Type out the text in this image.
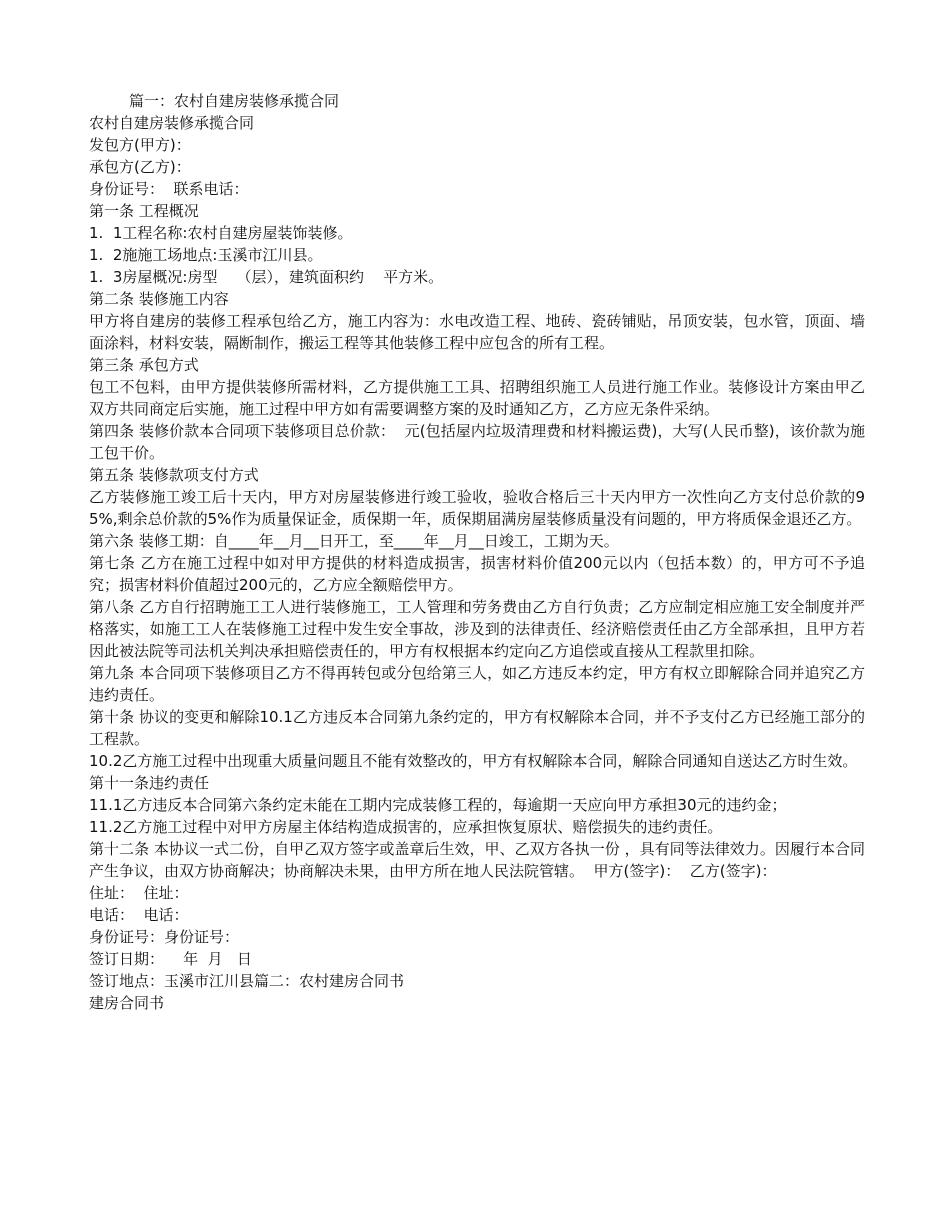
篇一：农村自建房装修承揽合同

农村自建房装修承揽合同

发包方(甲方)：

承包方(乙方)：

身份证号：  联系电话：

第一条 工程概况

1.  1工程名称:农村自建房屋装饰装修。

1.  2施施工场地点:玉溪市江川县。

1.  3房屋概况:房型    （层），建筑面积约    平方米。

第二条 装修施工内容

甲方将自建房的装修工程承包给乙方，施工内容为：水电改造工程、地砖、瓷砖铺贴，吊顶安装，包水管，顶面、墙面涂料，材料安装，隔断制作，搬运工程等其他装修工程中应包含的所有工程。

第三条 承包方式

包工不包料，由甲方提供装修所需材料，乙方提供施工工具、招聘组织施工人员进行施工作业。装修设计方案由甲乙双方共同商定后实施，施工过程中甲方如有需要调整方案的及时通知乙方，乙方应无条件采纳。

第四条 装修价款本合同项下装修项目总价款：  元(包括屋内垃圾清理费和材料搬运费)，大写(人民币整)，该价款为施工包干价。

第五条 装修款项支付方式

乙方装修施工竣工后十天内，甲方对房屋装修进行竣工验收，验收合格后三十天内甲方一次性向乙方支付总价款的95%,剩余总价款的5%作为质量保证金，质保期一年，质保期届满房屋装修质量没有问题的，甲方将质保金退还乙方。

第六条 装修工期：自____年__月__日开工，至____年__月__日竣工，工期为天。

第七条 乙方在施工过程中如对甲方提供的材料造成损害，损害材料价值200元以内（包括本数）的，甲方可不予追究；损害材料价值超过200元的，乙方应全额赔偿甲方。

第八条 乙方自行招聘施工工人进行装修施工，工人管理和劳务费由乙方自行负责；乙方应制定相应施工安全制度并严格落实，如施工工人在装修施工过程中发生安全事故，涉及到的法律责任、经济赔偿责任由乙方全部承担，且甲方若因此被法院等司法机关判决承担赔偿责任的，甲方有权根据本约定向乙方追偿或直接从工程款里扣除。

第九条 本合同项下装修项目乙方不得再转包或分包给第三人，如乙方违反本约定，甲方有权立即解除合同并追究乙方违约责任。

第十条 协议的变更和解除10.1乙方违反本合同第九条约定的，甲方有权解除本合同，并不予支付乙方已经施工部分的工程款。

10.2乙方施工过程中出现重大质量问题且不能有效整改的，甲方有权解除本合同，解除合同通知自送达乙方时生效。

第十一条违约责任

11.1乙方违反本合同第六条约定未能在工期内完成装修工程的，每逾期一天应向甲方承担30元的违约金；

11.2乙方施工过程中对甲方房屋主体结构造成损害的，应承担恢复原状、赔偿损失的违约责任。

第十二条 本协议一式二份，自甲乙双方签字或盖章后生效，甲、乙双方各执一份 ，具有同等法律效力。因履行本合同产生争议，由双方协商解决；协商解决未果，由甲方所在地人民法院管辖。  甲方(签字)：  乙方(签字)：

住址：  住址：

电话：  电话：

身份证号：身份证号：

签订日期：    年  月   日

签订地点：玉溪市江川县篇二：农村建房合同书

建房合同书
